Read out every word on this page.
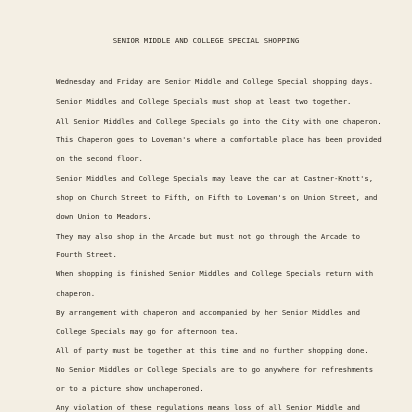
SENIOR MIDDLE AND COLLEGE SPECIAL SHOPPING
Wednesday and Friday are Senior Middle and College Special shopping days.
Senior Middles and College Specials must shop at least two together.
All Senior Middles and College Specials go into the City with one chaperon.
This Chaperon goes to Loveman's where a comfortable place has been provided
on the second floor.
Senior Middles and College Specials may leave the car at Castner-Knott's,
shop on Church Street to Fifth, on Fifth to Loveman's on Union Street, and
down Union to Meadors.
They may also shop in the Arcade but must not go through the Arcade to
Fourth Street.
When shopping is finished Senior Middles and College Specials return with
chaperon.
By arrangement with chaperon and accompanied by her Senior Middles and
College Specials may go for afternoon tea.
All of party must be together at this time and no further shopping done.
No Senior Middles or College Specials are to go anywhere for refreshments
or to a picture show unchaperoned.
Any violation of these regulations means loss of all Senior Middle and
